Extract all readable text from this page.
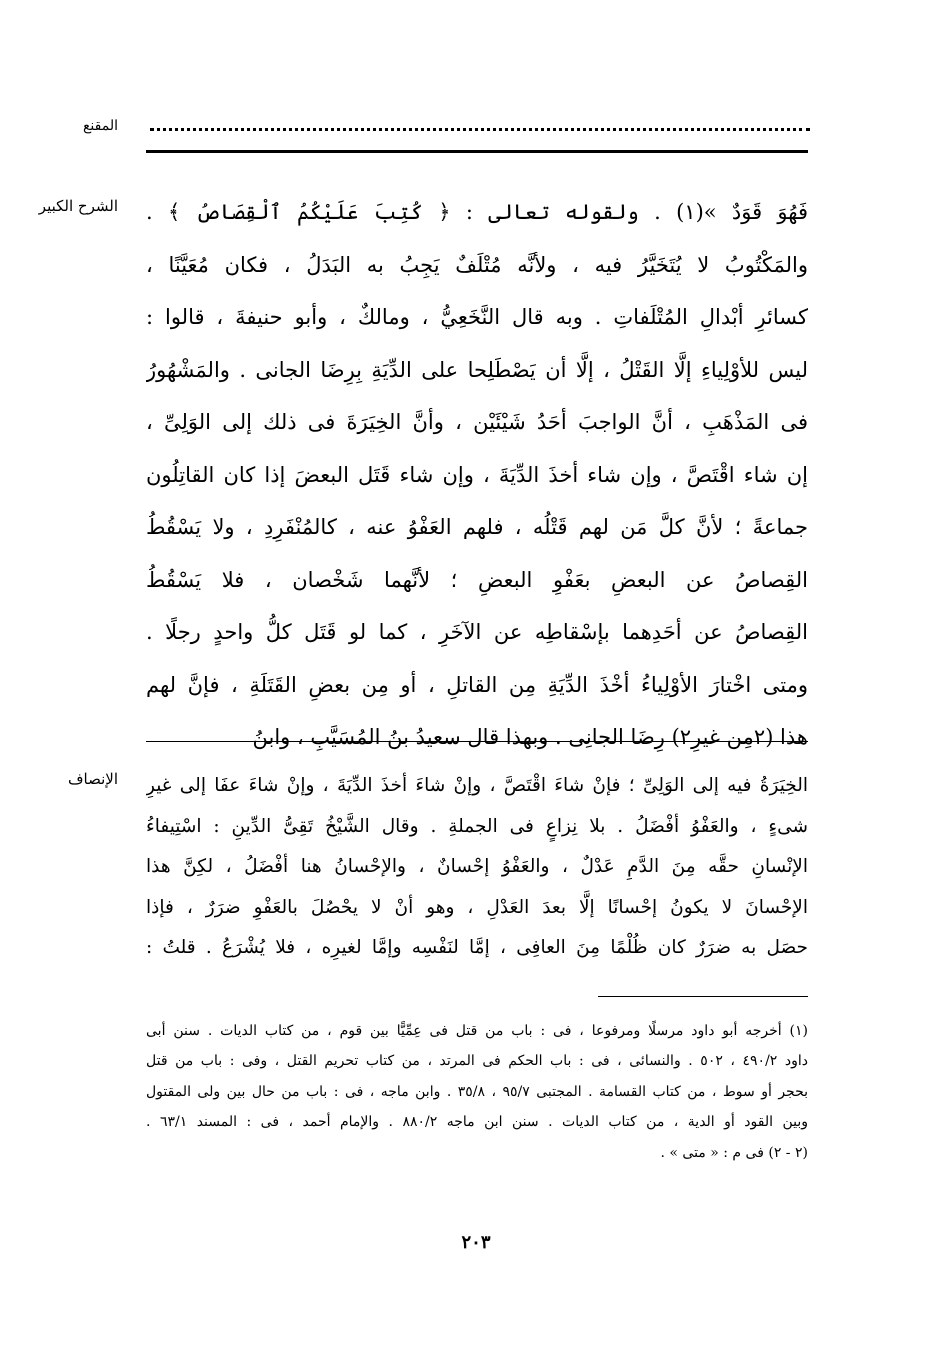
المقنع
الشرح الكبير فَهُوَ قَوَدٌ »(١) . ولقوله تعالى : ﴿ كُتِبَ عَلَيْكُمُ ٱلْقِصَاصُ ﴾ .
والمَكْتُوبُ لا يُتَخَيَّرُ فيه ، ولأنَّه مُتْلَفٌ يَجِبُ به البَدَلُ ، فكان مُعَيَّنًا ،
كسائرِ أبْدالِ المُتْلَفاتِ . وبه قال النَّخَعِيُّ ، ومالكٌ ، وأبو حنيفةَ ، قالوا :
ليس للأوْلِياءِ إلَّا القَتْلُ ، إلَّا أن يَصْطَلِحا على الدِّيَةِ بِرِضَا الجانى . والمَشْهُورُ
فى المَذْهَبِ ، أنَّ الواجبَ أحَدُ شَيْئَيْن ، وأنَّ الخِيَرَةَ فى ذلك إلى الوَلِىِّ ،
إن شاء اقْتَصَّ ، وإن شاء أخذَ الدِّيَةَ ، وإن شاء قَتَل البعضَ إذا كان القاتِلُون
جماعةً ؛ لأنَّ كلَّ مَن لهم قَتْلُه ، فلهم العَفْوُ عنه ، كالمُنْفَرِدِ ، ولا يَسْقُطُ
القِصاصُ عن البعضِ بعَفْوِ البعضِ ؛ لأنَّهما شَخْصان ، فلا يَسْقُطُ
القِصاصُ عن أحَدِهما بإسْقاطِه عن الآخَرِ ، كما لو قَتَل كلُّ واحدٍ رجلًا .
ومتى اخْتارَ الأوْلِياءُ أخْذَ الدِّيَةِ مِن القاتلِ ، أو مِن بعضِ القَتَلَةِ ، فإنَّ لهم
هذا (٢مِن غيرِ٢) رِضَا الجانِى . وبهذا قال سعيدُ بنُ المُسَيَّبِ ، وابنُ
الإنصاف الخِيَرَةُ فيه إلى الوَلِىِّ ؛ فإنْ شاءَ اقْتَصَّ ، وإنْ شاءَ أخذَ الدِّيَةَ ، وإنْ شاءَ عفَا إلى غيرِ
شىءٍ ، والعَفْوُ أفْضَلُ . بلا نِزاعٍ فى الجملةِ . وقال الشَّيْخُ تَقِىُّ الدِّينِ : اسْتِيفاءُ
الإنْسانِ حقَّه مِنَ الدَّمِ عَدْلٌ ، والعَفْوُ إحْسانٌ ، والإحْسانُ هنا أفْضَلُ ، لكِنَّ هذا
الإحْسانَ لا يكونُ إحْسانًا إلَّا بعدَ العَدْلِ ، وهو أنْ لا يحْصُلَ بالعَفْوِ ضرَرٌ ، فإذا
حصَل به ضرَرٌ كان ظُلْمًا مِنَ العافِى ، إمَّا لنَفْسِه وإمَّا لغيرِه ، فلا يُشْرَعُ . قلتُ :
(١) أخرجه أبو داود مرسلًا ومرفوعا ، فى : باب من قتل فى عِمِّيًّا بين قوم ، من كتاب الديات . سنن أبى
داود ٤٩٠/٢ ، ٥٠٢ . والنسائى ، فى : باب الحكم فى المرتد ، من كتاب تحريم القتل ، وفى : باب من قتل
بحجر أو سوط ، من كتاب القسامة . المجتبى ٩٥/٧ ، ٣٥/٨ . وابن ماجه ، فى : باب من حال بين ولى المقتول
وبين القود أو الدية ، من كتاب الديات . سنن ابن ماجه ٨٨٠/٢ . والإمام أحمد ، فى : المسند ٦٣/١ .
(٢ - ٢) فى م : « متى » .
٢٠٣
